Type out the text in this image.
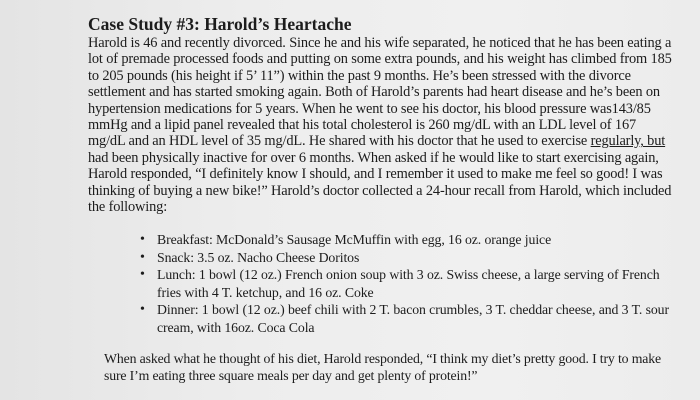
Case Study #3: Harold’s Heartache

Harold is 46 and recently divorced. Since he and his wife separated, he noticed that he has been eating a lot of premade processed foods and putting on some extra pounds, and his weight has climbed from 185 to 205 pounds (his height if 5’ 11”) within the past 9 months. He’s been stressed with the divorce settlement and has started smoking again. Both of Harold’s parents had heart disease and he’s been on hypertension medications for 5 years. When he went to see his doctor, his blood pressure was143/85 mmHg and a lipid panel revealed that his total cholesterol is 260 mg/dL with an LDL level of 167 mg/dL and an HDL level of 35 mg/dL. He shared with his doctor that he used to exercise regularly, but had been physically inactive for over 6 months. When asked if he would like to start exercising again, Harold responded, “I definitely know I should, and I remember it used to make me feel so good! I was thinking of buying a new bike!” Harold’s doctor collected a 24-hour recall from Harold, which included the following:

• Breakfast: McDonald’s Sausage McMuffin with egg, 16 oz. orange juice
• Snack: 3.5 oz. Nacho Cheese Doritos
• Lunch: 1 bowl (12 oz.) French onion soup with 3 oz. Swiss cheese, a large serving of French fries with 4 T. ketchup, and 16 oz. Coke
• Dinner: 1 bowl (12 oz.) beef chili with 2 T. bacon crumbles, 3 T. cheddar cheese, and 3 T. sour cream, with 16oz. Coca Cola

When asked what he thought of his diet, Harold responded, “I think my diet’s pretty good. I try to make sure I’m eating three square meals per day and get plenty of protein!”
